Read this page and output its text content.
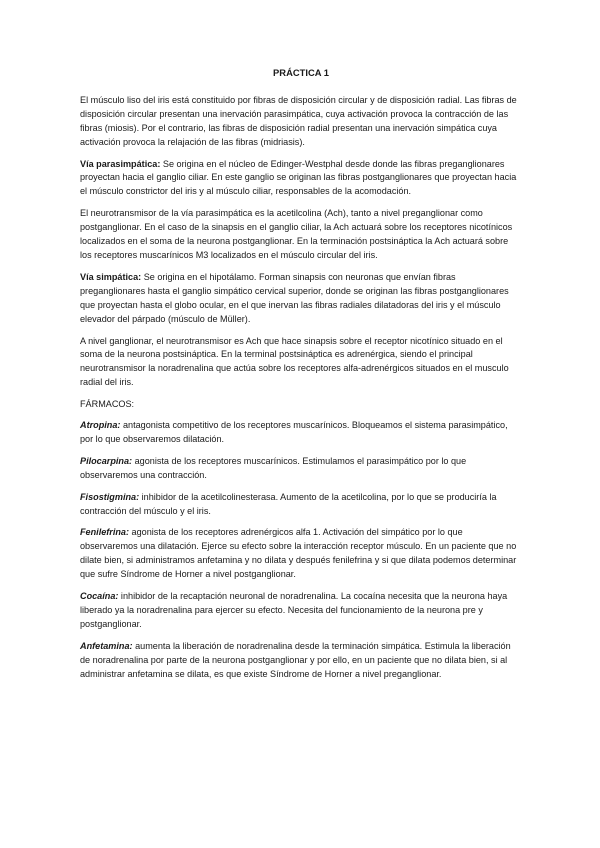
PRÁCTICA 1

El músculo liso del iris está constituido por fibras de disposición circular y de disposición radial. Las fibras de disposición circular presentan una inervación parasimpática, cuya activación provoca la contracción de las fibras (miosis). Por el contrario, las fibras de disposición radial presentan una inervación simpática cuya activación provoca la relajación de las fibras (midriasis).

Vía parasimpática: Se origina en el núcleo de Edinger-Westphal desde donde las fibras preganglionares proyectan hacia el ganglio ciliar. En este ganglio se originan las fibras postganglionares que proyectan hacia el músculo constrictor del iris y al músculo ciliar, responsables de la acomodación.

El neurotransmisor de la vía parasimpática es la acetilcolina (Ach), tanto a nivel preganglionar como postganglionar. En el caso de la sinapsis en el ganglio ciliar, la Ach actuará sobre los receptores nicotínicos localizados en el soma de la neurona postganglionar. En la terminación postsináptica la Ach actuará sobre los receptores muscarínicos M3 localizados en el músculo circular del iris.

Vía simpática: Se origina en el hipotálamo. Forman sinapsis con neuronas que envían fibras preganglionares hasta el ganglio simpático cervical superior, donde se originan las fibras postganglionares que proyectan hasta el globo ocular, en el que inervan las fibras radiales dilatadoras del iris y el músculo elevador del párpado (músculo de Müller).

A nivel ganglionar, el neurotransmisor es Ach que hace sinapsis sobre el receptor nicotínico situado en el soma de la neurona postsináptica. En la terminal postsináptica es adrenérgica, siendo el principal neurotransmisor la noradrenalina que actúa sobre los receptores alfa-adrenérgicos situados en el musculo radial del iris.

FÁRMACOS:

Atropina: antagonista competitivo de los receptores muscarínicos. Bloqueamos el sistema parasimpático, por lo que observaremos dilatación.

Pilocarpina: agonista de los receptores muscarínicos. Estimulamos el parasimpático por lo que observaremos una contracción.

Fisostigmina: inhibidor de la acetilcolinesterasa. Aumento de la acetilcolina, por lo que se produciría la contracción del músculo y el iris.

Fenilefrina: agonista de los receptores adrenérgicos alfa 1. Activación del simpático por lo que observaremos una dilatación. Ejerce su efecto sobre la interacción receptor músculo. En un paciente que no dilate bien, si administramos anfetamina y no dilata y después fenilefrina y si que dilata podemos determinar que sufre Síndrome de Horner a nivel postganglionar.

Cocaína: inhibidor de la recaptación neuronal de noradrenalina. La cocaína necesita que la neurona haya liberado ya la noradrenalina para ejercer su efecto. Necesita del funcionamiento de la neurona pre y postganglionar.

Anfetamina: aumenta la liberación de noradrenalina desde la terminación simpática. Estimula la liberación de noradrenalina por parte de la neurona postganglionar y por ello, en un paciente que no dilata bien, si al administrar anfetamina se dilata, es que existe Síndrome de Horner a nivel preganglionar.
